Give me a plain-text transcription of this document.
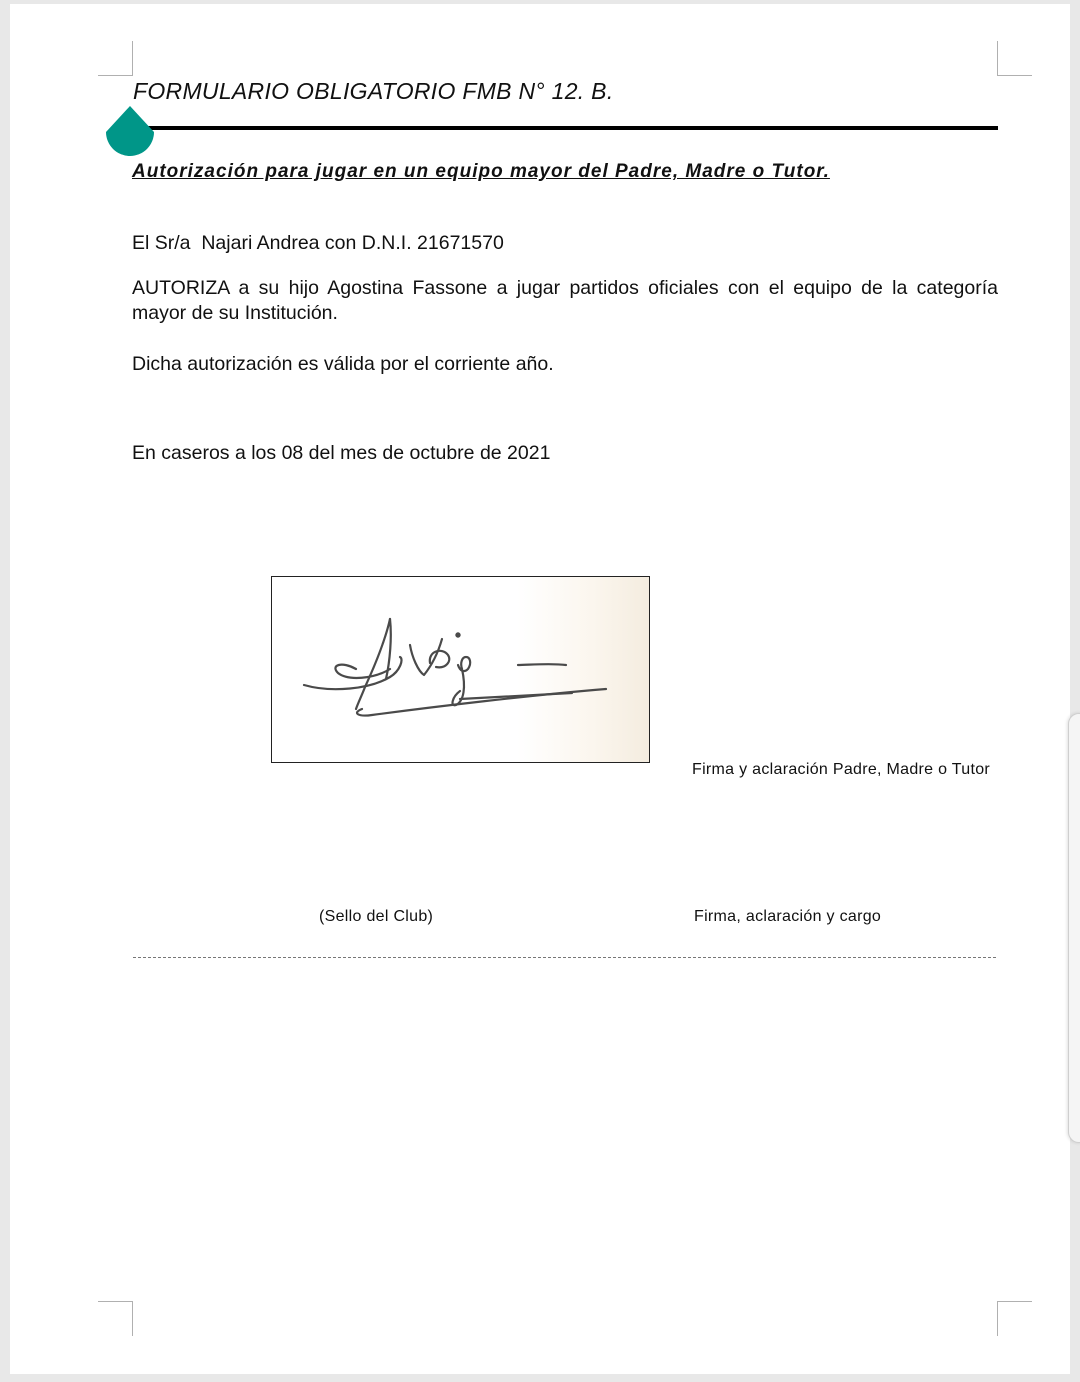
FORMULARIO OBLIGATORIO FMB N° 12. B.
Autorización para jugar en un equipo mayor del Padre, Madre o Tutor.
El Sr/a  Najari Andrea con D.N.I. 21671570
AUTORIZA a su hijo Agostina Fassone a jugar partidos oficiales con el equipo de la categoría mayor de su Institución.
Dicha autorización es válida por el corriente año.
En caseros a los 08 del mes de octubre de 2021
Firma y aclaración Padre, Madre o Tutor
(Sello del Club)	Firma, aclaración y cargo
